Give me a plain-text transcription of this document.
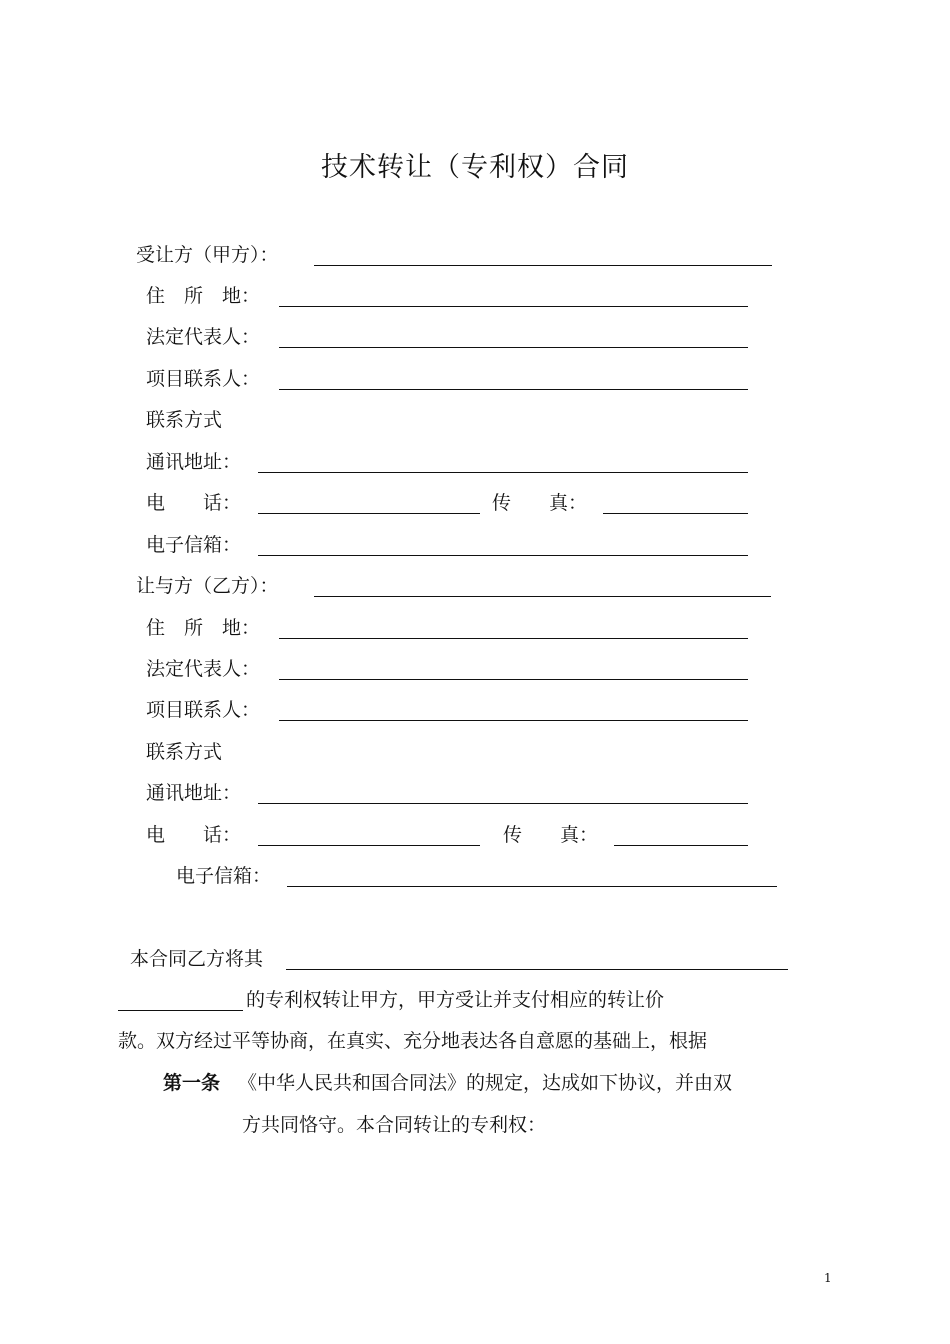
技术转让（专利权）合同
受让方（甲方）：
住　所　地：
法定代表人：
项目联系人：
联系方式
通讯地址：
电　　话：	传　　真：
电子信箱：
让与方（乙方）：
住　所　地：
法定代表人：
项目联系人：
联系方式
通讯地址：
电　　话：	传　　真：
电子信箱：
本合同乙方将其
的专利权转让甲方，甲方受让并支付相应的转让价
款。双方经过平等协商，在真实、充分地表达各自意愿的基础上，根据
第一条 《中华人民共和国合同法》的规定，达成如下协议，并由双
方共同恪守。本合同转让的专利权：
1
